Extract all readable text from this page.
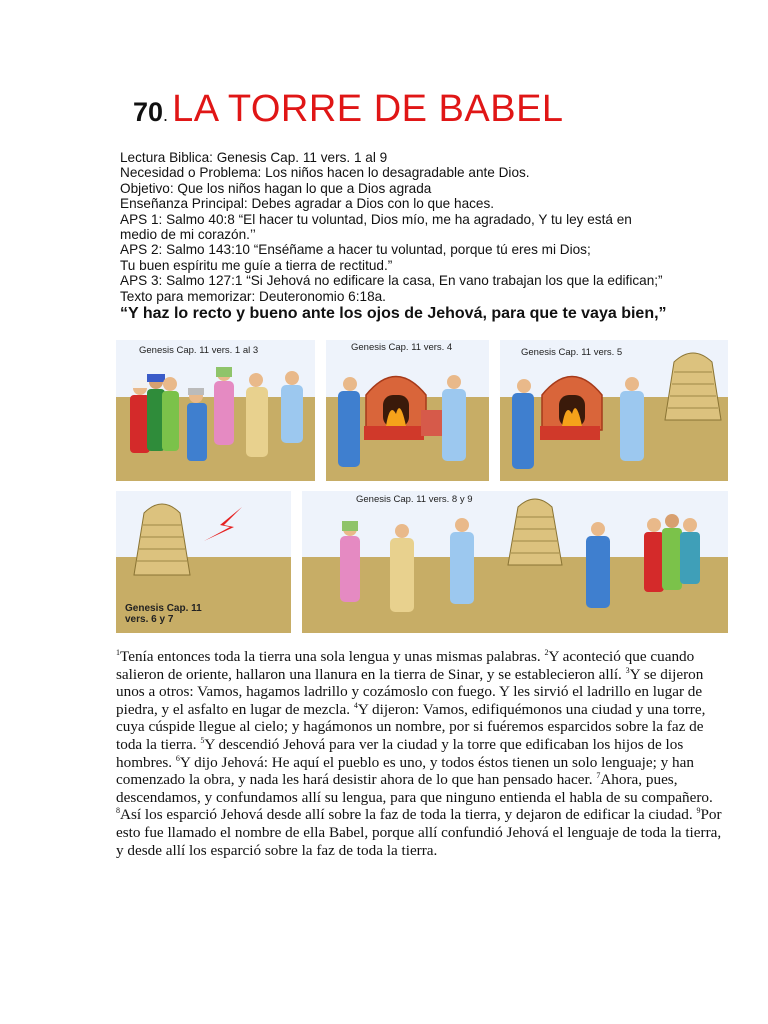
70. LA TORRE DE BABEL
Lectura Biblica: Genesis Cap. 11 vers. 1 al 9
Necesidad o Problema: Los niños hacen lo desagradable ante Dios.
Objetivo: Que los niños hagan lo que a Dios agrada
Enseñanza Principal: Debes agradar a Dios con lo que haces.
APS 1: Salmo 40:8 “El hacer tu voluntad, Dios mío, me ha agradado, Y tu ley está en
medio de mi corazón.’’
APS 2: Salmo 143:10 “Enséñame a hacer tu voluntad, porque tú eres mi Dios;
Tu buen espíritu me guíe a tierra de rectitud.”
APS 3: Salmo 127:1 “Si Jehová no edificare la casa, En vano trabajan los que la edifican;”
Texto para memorizar: Deuteronomio 6:18a.
“Y haz lo recto y bueno ante los ojos de Jehová, para que te vaya bien,”
Genesis Cap. 11 vers. 1 al 3	Genesis Cap. 11 vers. 4	Genesis Cap. 11 vers. 5
Genesis Cap. 11
vers. 6 y 7
Genesis Cap. 11 vers. 8 y 9
$^1$Tenía entonces toda la tierra una sola lengua y unas mismas palabras. $^2$Y aconteció que cuando salieron de oriente, hallaron una llanura en la tierra de Sinar, y se establecieron allí. $^3$Y se dijeron unos a otros: Vamos, hagamos ladrillo y cozámoslo con fuego. Y les sirvió el ladrillo en lugar de piedra, y el asfalto en lugar de mezcla. $^4$Y dijeron: Vamos, edifiquémonos una ciudad y una torre, cuya cúspide llegue al cielo; y hagámonos un nombre, por si fuéremos esparcidos sobre la faz de toda la tierra. $^5$Y descendió Jehová para ver la ciudad y la torre que edificaban los hijos de los hombres. $^6$Y dijo Jehová: He aquí el pueblo es uno, y todos éstos tienen un solo lenguaje; y han comenzado la obra, y nada les hará desistir ahora de lo que han pensado hacer. $^7$Ahora, pues, descendamos, y confundamos allí su lengua, para que ninguno entienda el habla de su compañero. $^8$Así los esparció Jehová desde allí sobre la faz de toda la tierra, y dejaron de edificar la ciudad. $^9$Por esto fue llamado el nombre de ella Babel, porque allí confundió Jehová el lenguaje de toda la tierra, y desde allí los esparció sobre la faz de toda la tierra.
